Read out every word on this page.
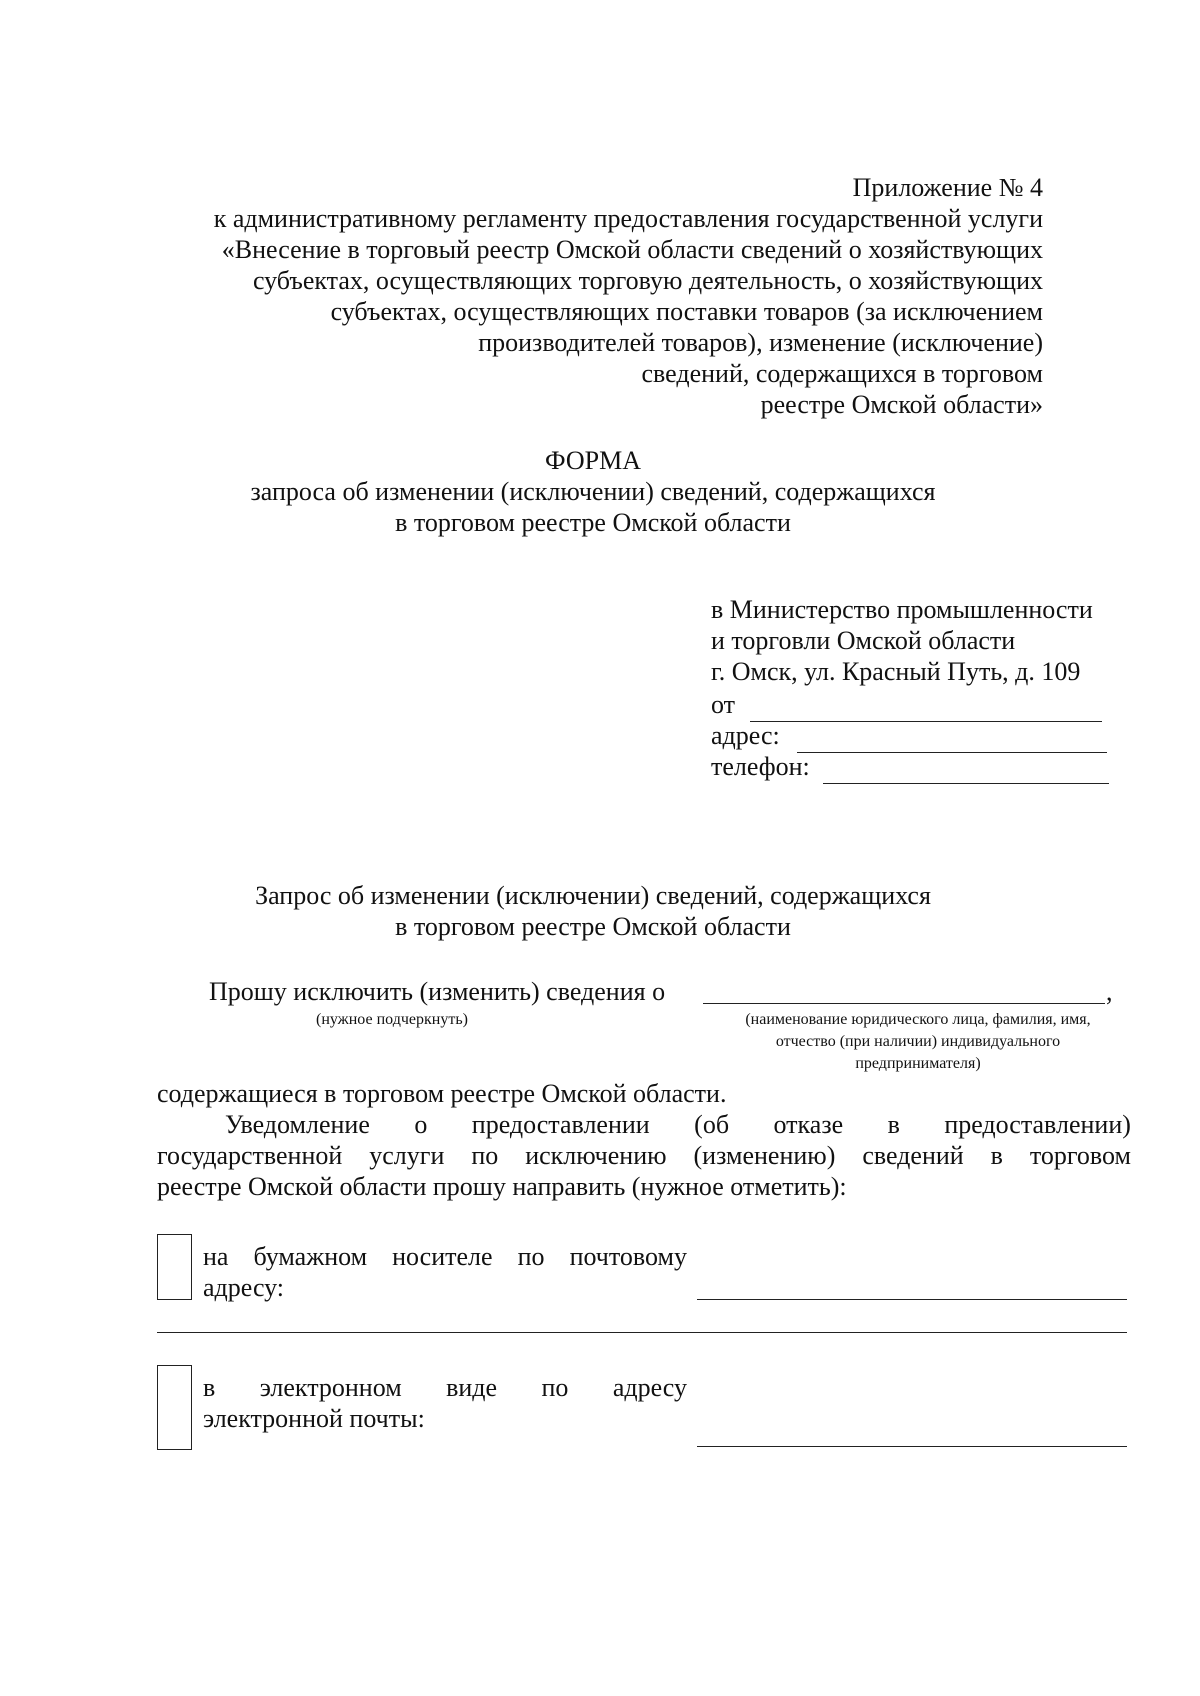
Приложение № 4
к административному регламенту предоставления государственной услуги
«Внесение в торговый реестр Омской области сведений о хозяйствующих
субъектах, осуществляющих торговую деятельность, о хозяйствующих
субъектах, осуществляющих поставки товаров (за исключением
производителей товаров), изменение (исключение)
сведений, содержащихся в торговом
реестре Омской области»
ФОРМА
запроса об изменении (исключении) сведений, содержащихся
в торговом реестре Омской области
в Министерство промышленности
и торговли Омской области
г. Омск, ул. Красный Путь, д. 109
от
адрес:
телефон:
Запрос об изменении (исключении) сведений, содержащихся
в торговом реестре Омской области
Прошу исключить (изменить) сведения о	,
(нужное подчеркнуть)	(наименование юридического лица, фамилия, имя,
отчество (при наличии) индивидуального
предпринимателя)
содержащиеся в торговом реестре Омской области.
Уведомление о предоставлении (об отказе в предоставлении)
государственной услуги по исключению (изменению) сведений в торговом
реестре Омской области прошу направить (нужное отметить):
на бумажном носителе по почтовому
адресу:
в электронном виде по адресу
электронной почты:
